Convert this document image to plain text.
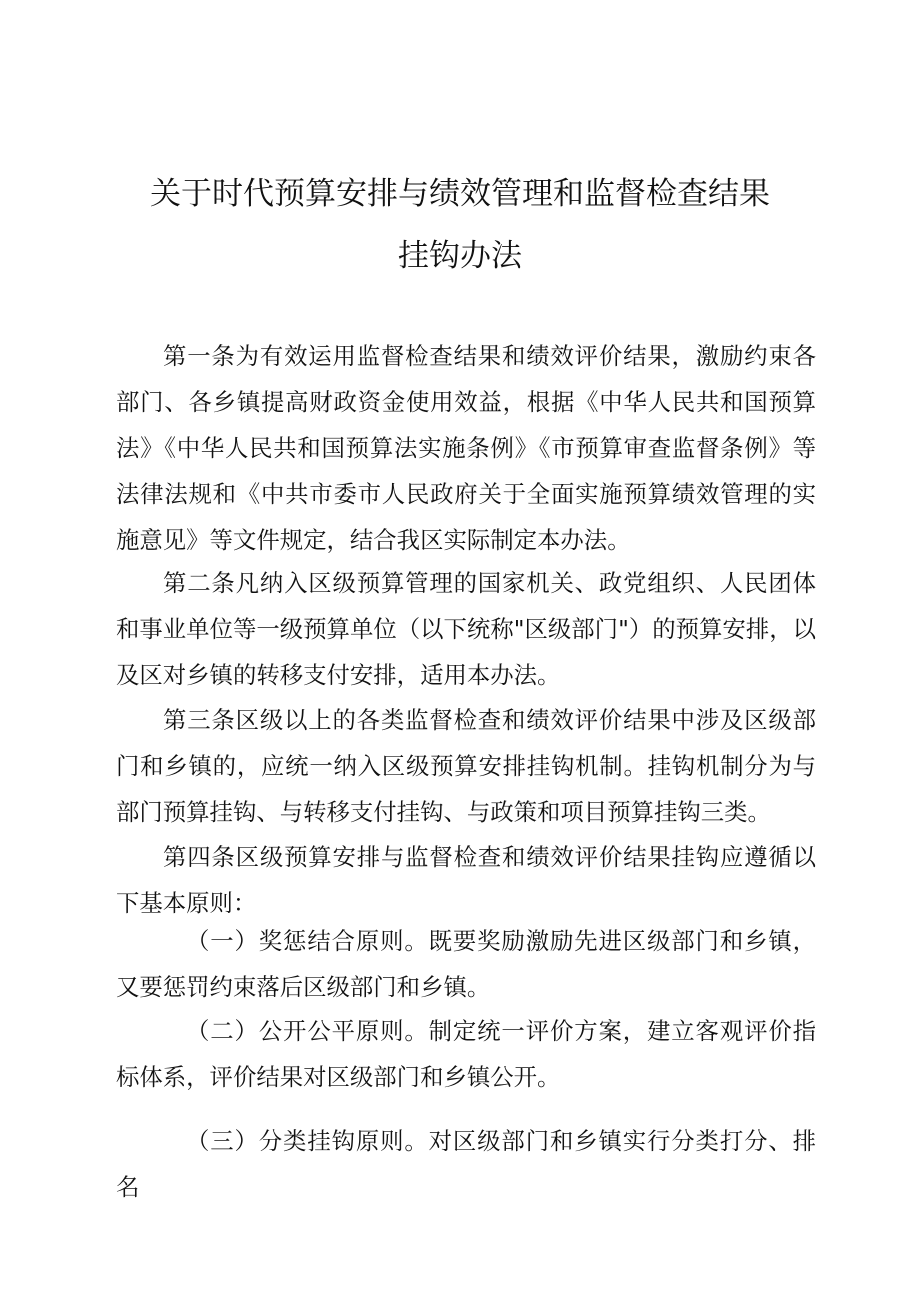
关于时代预算安排与绩效管理和监督检查结果
挂钩办法

第一条为有效运用监督检查结果和绩效评价结果，激励约束各部门、各乡镇提高财政资金使用效益，根据《中华人民共和国预算法》《中华人民共和国预算法实施条例》《市预算审查监督条例》等法律法规和《中共市委市人民政府关于全面实施预算绩效管理的实施意见》等文件规定，结合我区实际制定本办法。

第二条凡纳入区级预算管理的国家机关、政党组织、人民团体和事业单位等一级预算单位（以下统称"区级部门"）的预算安排，以及区对乡镇的转移支付安排，适用本办法。

第三条区级以上的各类监督检查和绩效评价结果中涉及区级部门和乡镇的，应统一纳入区级预算安排挂钩机制。挂钩机制分为与部门预算挂钩、与转移支付挂钩、与政策和项目预算挂钩三类。

第四条区级预算安排与监督检查和绩效评价结果挂钩应遵循以下基本原则：

（一）奖惩结合原则。既要奖励激励先进区级部门和乡镇，又要惩罚约束落后区级部门和乡镇。

（二）公开公平原则。制定统一评价方案，建立客观评价指标体系，评价结果对区级部门和乡镇公开。

（三）分类挂钩原则。对区级部门和乡镇实行分类打分、排名
